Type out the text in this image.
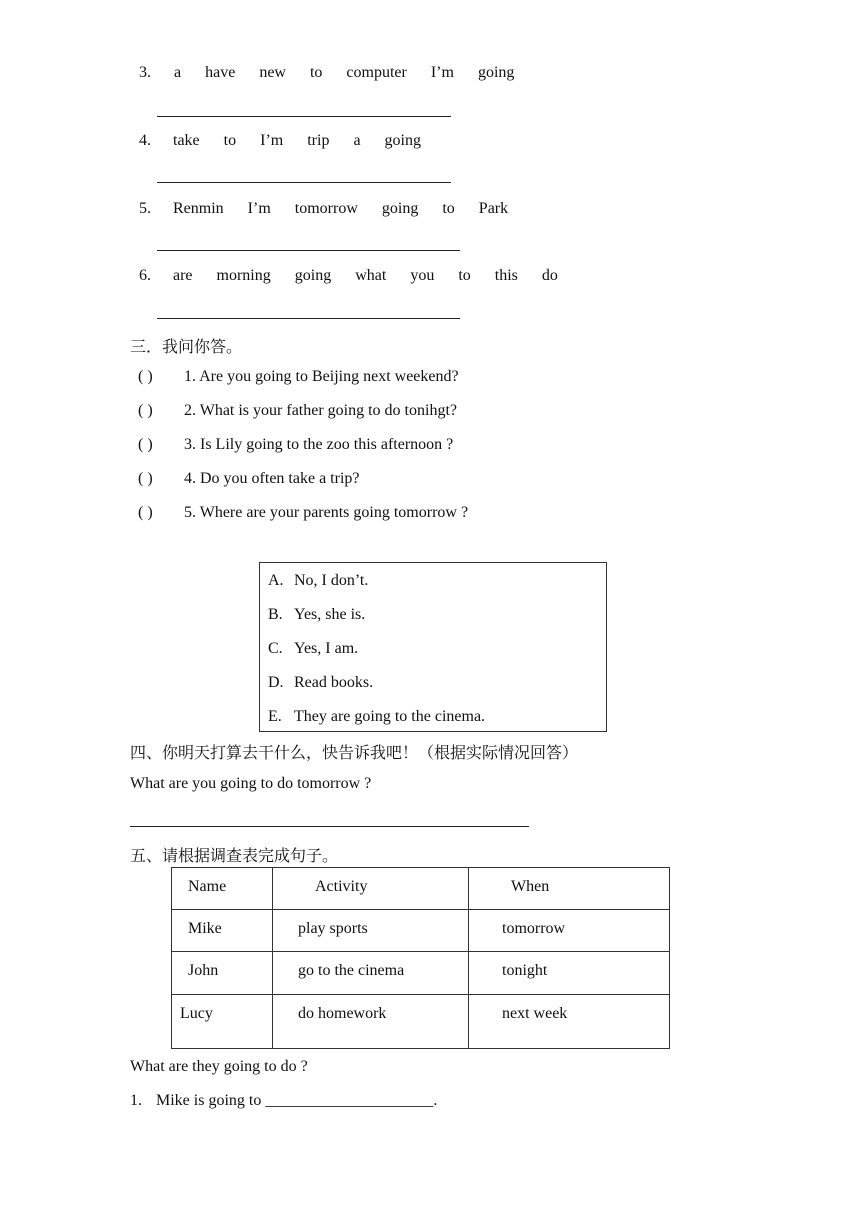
3. a have new to computer I’m going
4. take to I’m trip a going
5. Renmin I’m tomorrow going to Park
6. are morning going what you to this do
三．我问你答。
( ) 1. Are you going to Beijing next weekend?
( ) 2. What is your father going to do tonihgt?
( ) 3. Is Lily going to the zoo this afternoon ?
( ) 4. Do you often take a trip?
( ) 5. Where are your parents going tomorrow ?
A. No, I don’t.
B. Yes, she is.
C. Yes, I am.
D. Read books.
E. They are going to the cinema.
四、你明天打算去干什么，快告诉我吧！（根据实际情况回答）
What are you going to do tomorrow ?
五、请根据调查表完成句子。
Name	Activity	When

Mike	play sports	tomorrow

John	go to the cinema	tonight

Lucy	do homework	next week
What are they going to do ?
1. Mike is going to _____________________.
